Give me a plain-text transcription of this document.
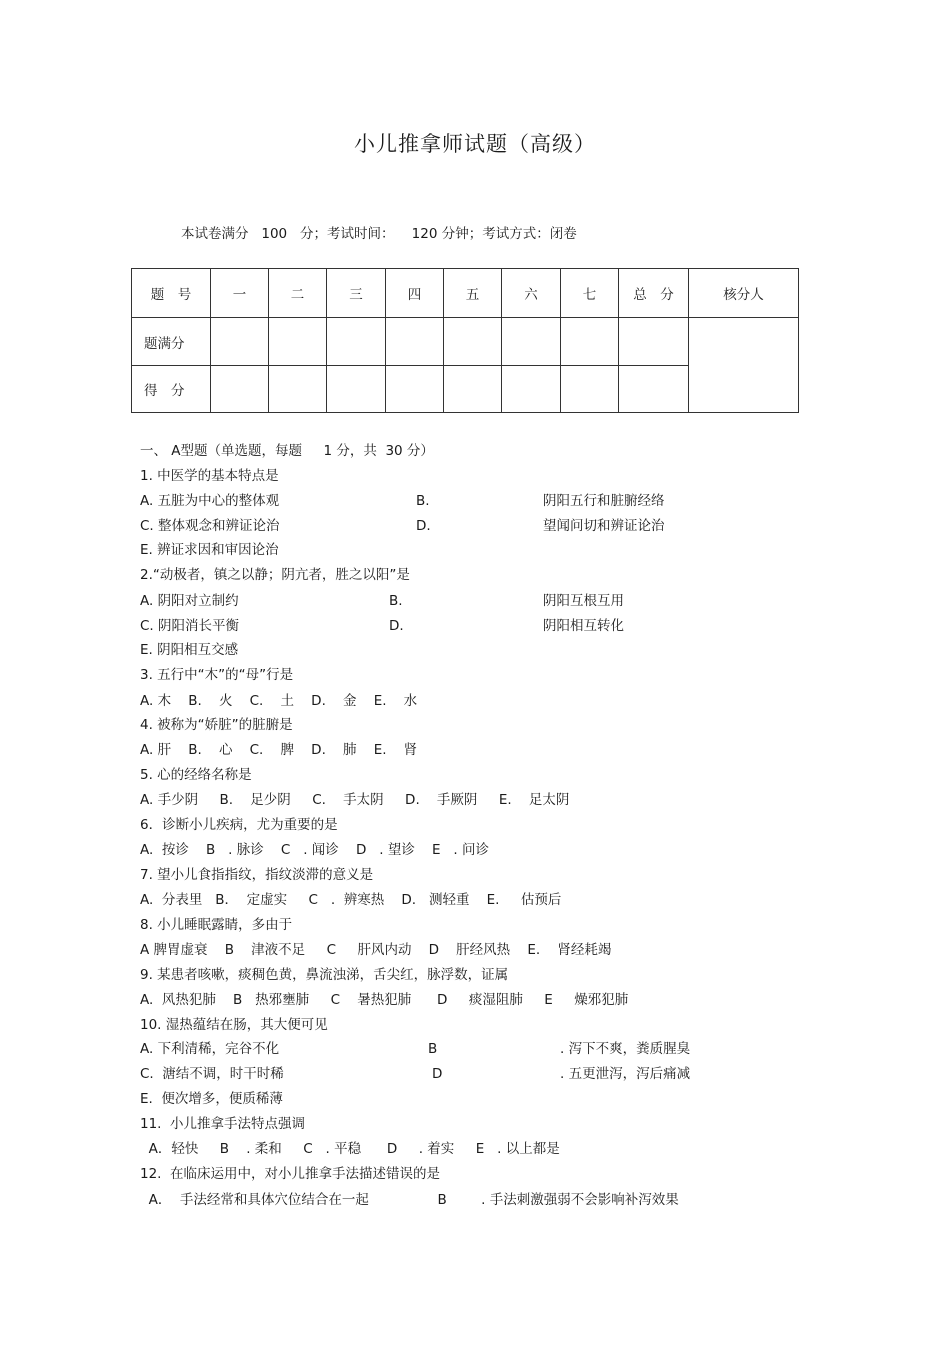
小儿推拿师试题（高级）
本试卷满分   100   分；考试时间：    120 分钟；考试方式：闭卷
题　号	一	二	三	四	五	六	七	总　分	核分人
题满分									
得　分									
一、 A型题（单选题，每题     1 分，共  30 分）
1. 中医学的基本特点是
A. 五脏为中心的整体观	B.	阴阳五行和脏腑经络
C. 整体观念和辨证论治	D.	望闻问切和辨证论治
E. 辨证求因和审因论治
2.“动极者，镇之以静；阴亢者，胜之以阳”是
A. 阴阳对立制约	B.	阴阳互根互用
C. 阴阳消长平衡	D.	阴阳相互转化
E. 阴阳相互交感
3. 五行中“木”的“母”行是
A. 木    B.    火    C.    土    D.    金    E.    水
4. 被称为“娇脏”的脏腑是
A. 肝    B.    心    C.    脾    D.    肺    E.    肾
5. 心的经络名称是
A. 手少阴     B.    足少阴     C.    手太阴     D.    手厥阴     E.    足太阴
6．诊断小儿疾病，尤为重要的是
A.  按诊    B   . 脉诊    C   . 闻诊    D   . 望诊    E   . 问诊
7. 望小儿食指指纹，指纹淡滞的意义是
A.  分表里   B．  定虚实     C   .  辨寒热    D.   测轻重    E.     估预后
8. 小儿睡眠露睛，多由于
A 脾胃虚衰    B    津液不足     C     肝风内动    D    肝经风热    E.    肾经耗竭
9. 某患者咳嗽，痰稠色黄，鼻流浊涕，舌尖红，脉浮数，证属
A.  风热犯肺    B   热邪壅肺     C    暑热犯肺      D     痰湿阻肺     E     燥邪犯肺
10. 湿热蕴结在肠，其大便可见
A. 下利清稀，完谷不化	B	. 泻下不爽，粪质腥臭
C.  溏结不调，时干时稀	D	. 五更泄泻，泻后痛减
E.  便次增多，便质稀薄
11.  小儿推拿手法特点强调
A．轻快     B    . 柔和     C   . 平稳      D     . 着实     E   . 以上都是
12.  在临床运用中，对小儿推拿手法描述错误的是
A．  手法经常和具体穴位结合在一起                B        . 手法刺激强弱不会影响补泻效果
